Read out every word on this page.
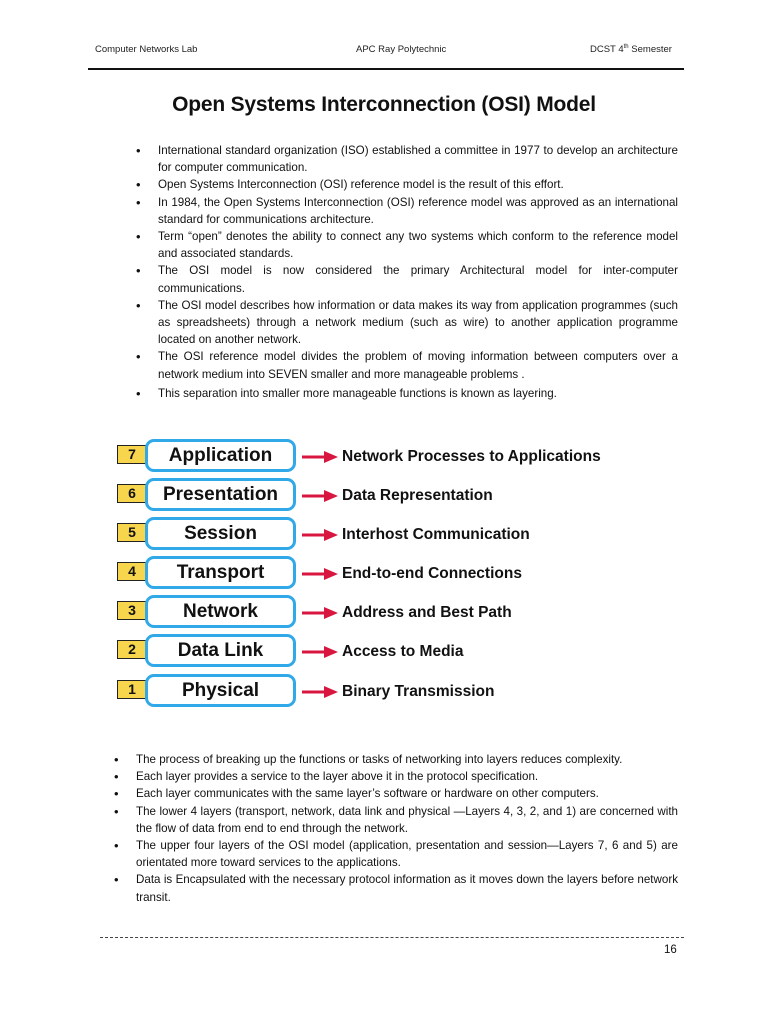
Computer Networks Lab	APC Ray Polytechnic	DCST 4th Semester
Open Systems Interconnection (OSI) Model
• International standard organization (ISO) established a committee in 1977 to develop an architecture for computer communication.
• Open Systems Interconnection (OSI) reference model is the result of this effort.
• In 1984, the Open Systems Interconnection (OSI) reference model was approved as an international standard for communications architecture.
• Term “open” denotes the ability to connect any two systems which conform to the reference model and associated standards.
• The OSI model is now considered the primary Architectural model for inter-computer communications.
• The OSI model describes how information or data makes its way from application programmes (such as spreadsheets) through a network medium (such as wire) to another application programme located on another network.
• The OSI reference model divides the problem of moving information between computers over a network medium into SEVEN smaller and more manageable problems .
• This separation into smaller more manageable functions is known as layering.
7	Application	Network Processes to Applications
6	Presentation	Data Representation
5	Session	Interhost Communication
4	Transport	End-to-end Connections
3	Network	Address and Best Path
2	Data Link	Access to Media
1	Physical	Binary Transmission
• The process of breaking up the functions or tasks of networking into layers reduces complexity.
• Each layer provides a service to the layer above it in the protocol specification.
• Each layer communicates with the same layer’s software or hardware on other computers.
• The lower 4 layers (transport, network, data link and physical —Layers 4, 3, 2, and 1) are concerned with the flow of data from end to end through the network.
• The upper four layers of the OSI model (application, presentation and session—Layers 7, 6 and 5) are orientated more toward services to the applications.
• Data is Encapsulated with the necessary protocol information as it moves down the layers before network transit.
16
